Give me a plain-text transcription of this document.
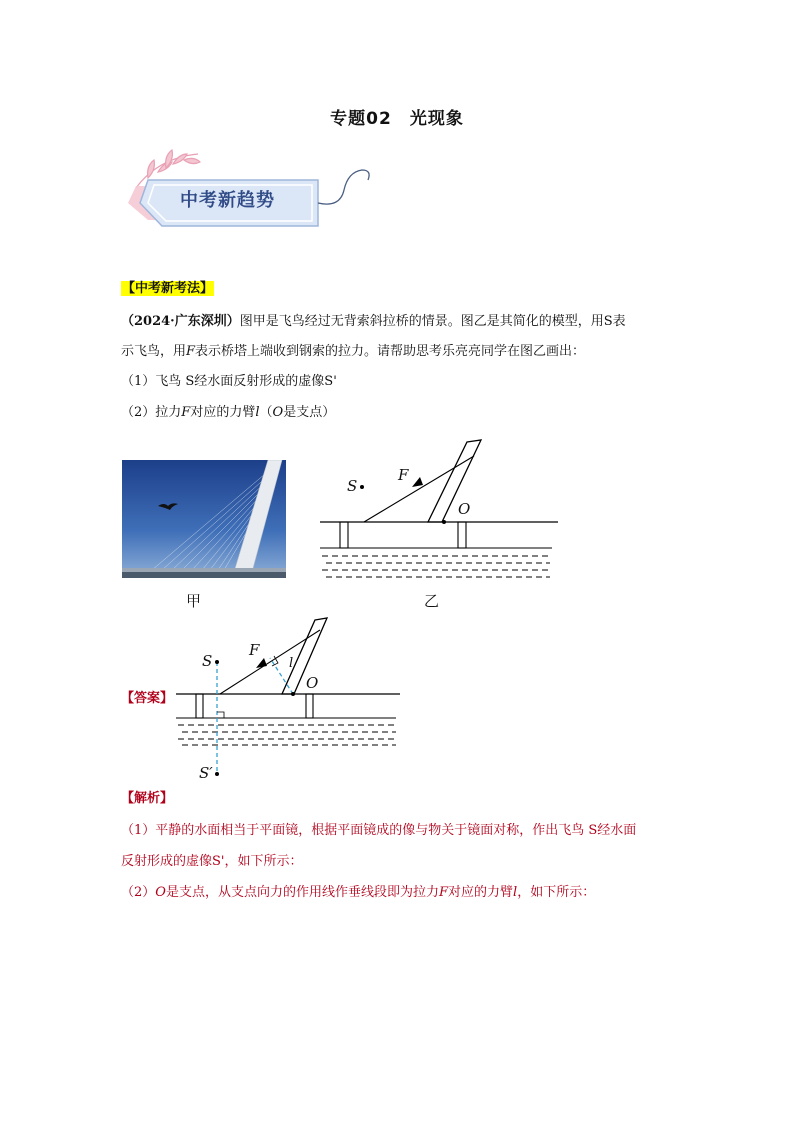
专题02　光现象
中考新趋势
【中考新考法】
（2024·广东深圳）图甲是飞鸟经过无背索斜拉桥的情景。图乙是其简化的模型，用S表
示飞鸟，用F表示桥塔上端收到钢索的拉力。请帮助思考乐亮亮同学在图乙画出：
（1）飞鸟 S经水面反射形成的虚像S'
（2）拉力F对应的力臂l（O是支点）
甲
S
F
O
乙
【答案】
S
S′
F
l
O
【解析】
（1）平静的水面相当于平面镜，根据平面镜成的像与物关于镜面对称，作出飞鸟 S经水面
反射形成的虚像S'，如下所示：
（2）O是支点，从支点向力的作用线作垂线段即为拉力F对应的力臂l，如下所示：
